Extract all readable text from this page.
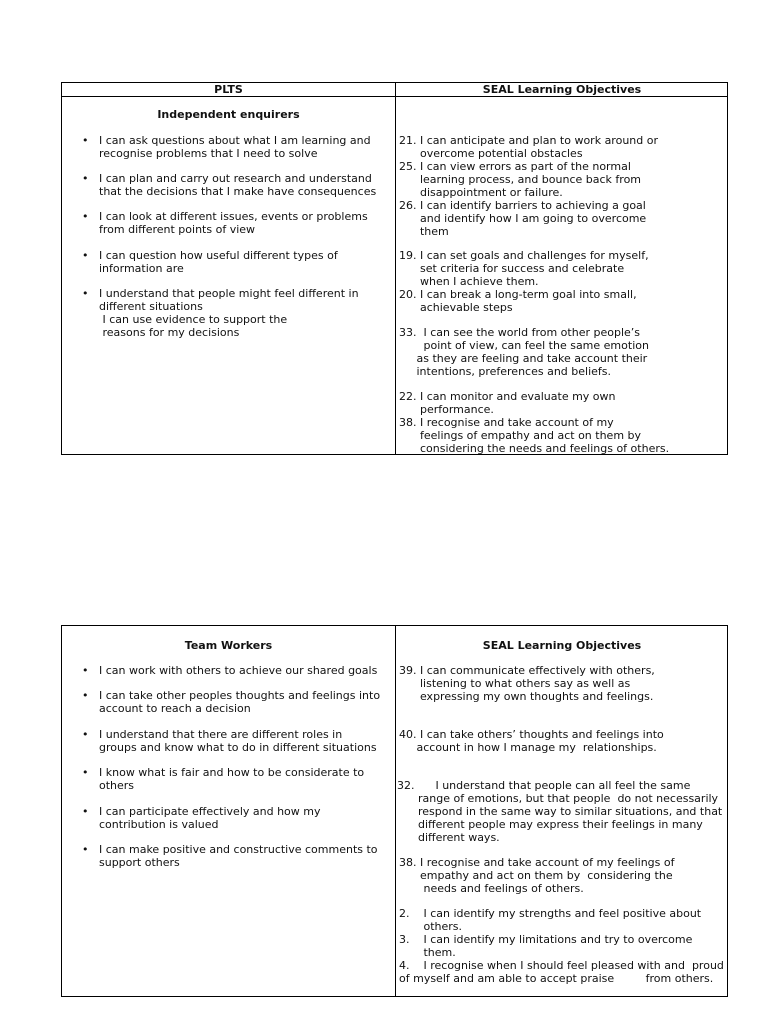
PLTS	SEAL Learning Objectives
Independent enquirers
• I can ask questions about what I am learning and recognise problems that I need to solve
• I can plan and carry out research and understand that the decisions that I make have consequences
• I can look at different issues, events or problems from different points of view
• I can question how useful different types of information are
• I understand that people might feel different in different situations
I can use evidence to support the
reasons for my decisions
21. I can anticipate and plan to work around or
overcome potential obstacles
25. I can view errors as part of the normal
learning process, and bounce back from
disappointment or failure.
26. I can identify barriers to achieving a goal
and identify how I am going to overcome
them
19. I can set goals and challenges for myself,
set criteria for success and celebrate
when I achieve them.
20. I can break a long-term goal into small,
achievable steps
33.  I can see the world from other people’s
point of view, can feel the same emotion
as they are feeling and take account their
intentions, preferences and beliefs.
22. I can monitor and evaluate my own
performance.
38. I recognise and take account of my
feelings of empathy and act on them by
considering the needs and feelings of others.
Team Workers	SEAL Learning Objectives
• I can work with others to achieve our shared goals
• I can take other peoples thoughts and feelings into account to reach a decision
• I understand that there are different roles in groups and know what to do in different situations
• I know what is fair and how to be considerate to others
• I can participate effectively and how my contribution is valued
• I can make positive and constructive comments to support others
39. I can communicate effectively with others,
listening to what others say as well as
expressing my own thoughts and feelings.
40. I can take others’ thoughts and feelings into
account in how I manage my  relationships.
32.      I understand that people can all feel the same
range of emotions, but that people  do not necessarily
respond in the same way to similar situations, and that
different people may express their feelings in many
different ways.
38. I recognise and take account of my feelings of
empathy and act on them by  considering the
needs and feelings of others.
2.    I can identify my strengths and feel positive about
others.
3.    I can identify my limitations and try to overcome
them.
4.    I recognise when I should feel pleased with and  proud
of myself and am able to accept praise         from others.
